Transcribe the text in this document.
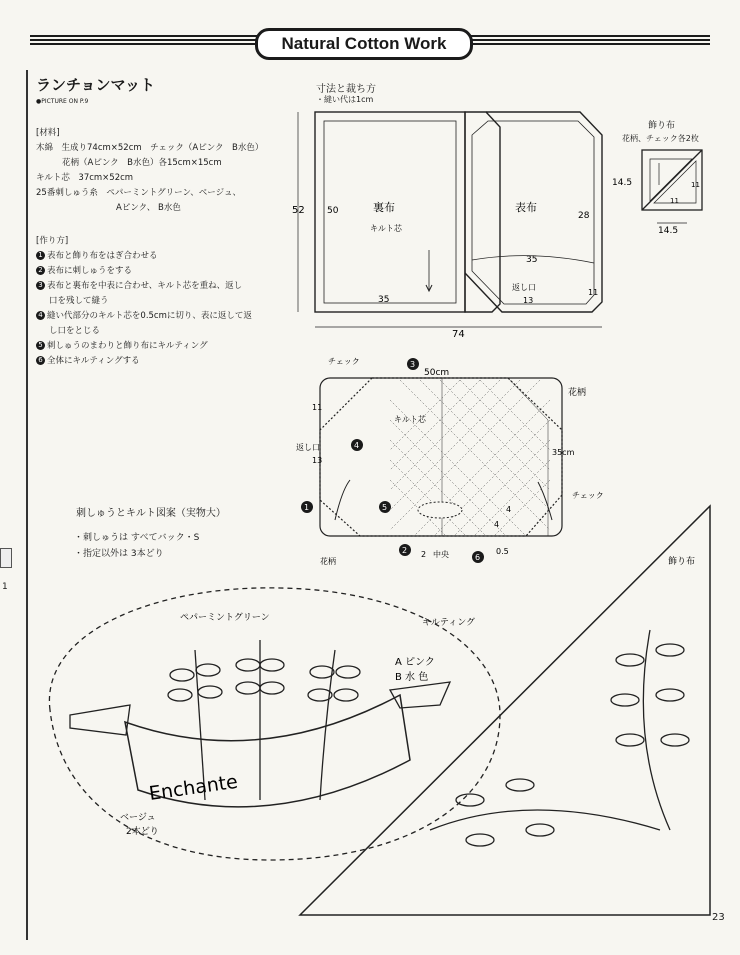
Natural Cotton Work
1
ランチョンマット
●PICTURE ON P.9
[材料]
木綿　生成り74cm×52cm　チェック（Aピンク　B水色）
花柄（Aピンク　B水色）各15cm×15cm
キルト芯　37cm×52cm
25番刺しゅう糸　ペパーミントグリーン、ベージュ、
Aピンク、 B水色
[作り方]
1 表布と飾り布をはぎ合わせる
2 表布に刺しゅうをする
3 表布と裏布を中表に合わせ、キルト芯を重ね、返し
口を残して縫う
4 縫い代部分のキルト芯を0.5cmに切り、表に返して返
し口をとじる
5 刺しゅうのまわりと飾り布にキルティング
6 全体にキルティングする
寸法と裁ち方
・縫い代は1cm
52 50	裏布
キルト芯
35
表布
28
35
返し口
13
11
74
飾り布
花柄、チェック各2枚
14.5
14.5
11
11
チェック
50cm
キルト芯
花柄
11
返し口
13
35cm
チェック
4
4
2 中央	0.5
花柄
3
4
1	5
2
6
刺しゅうとキルト図案（実物大）
・刺しゅうは すべてバック・S
・指定以外は 3本どり
Enchante
ペパーミントグリーン	キルティング
A ピンク
B 水 色
ベージュ
2本どり
飾り布
23
